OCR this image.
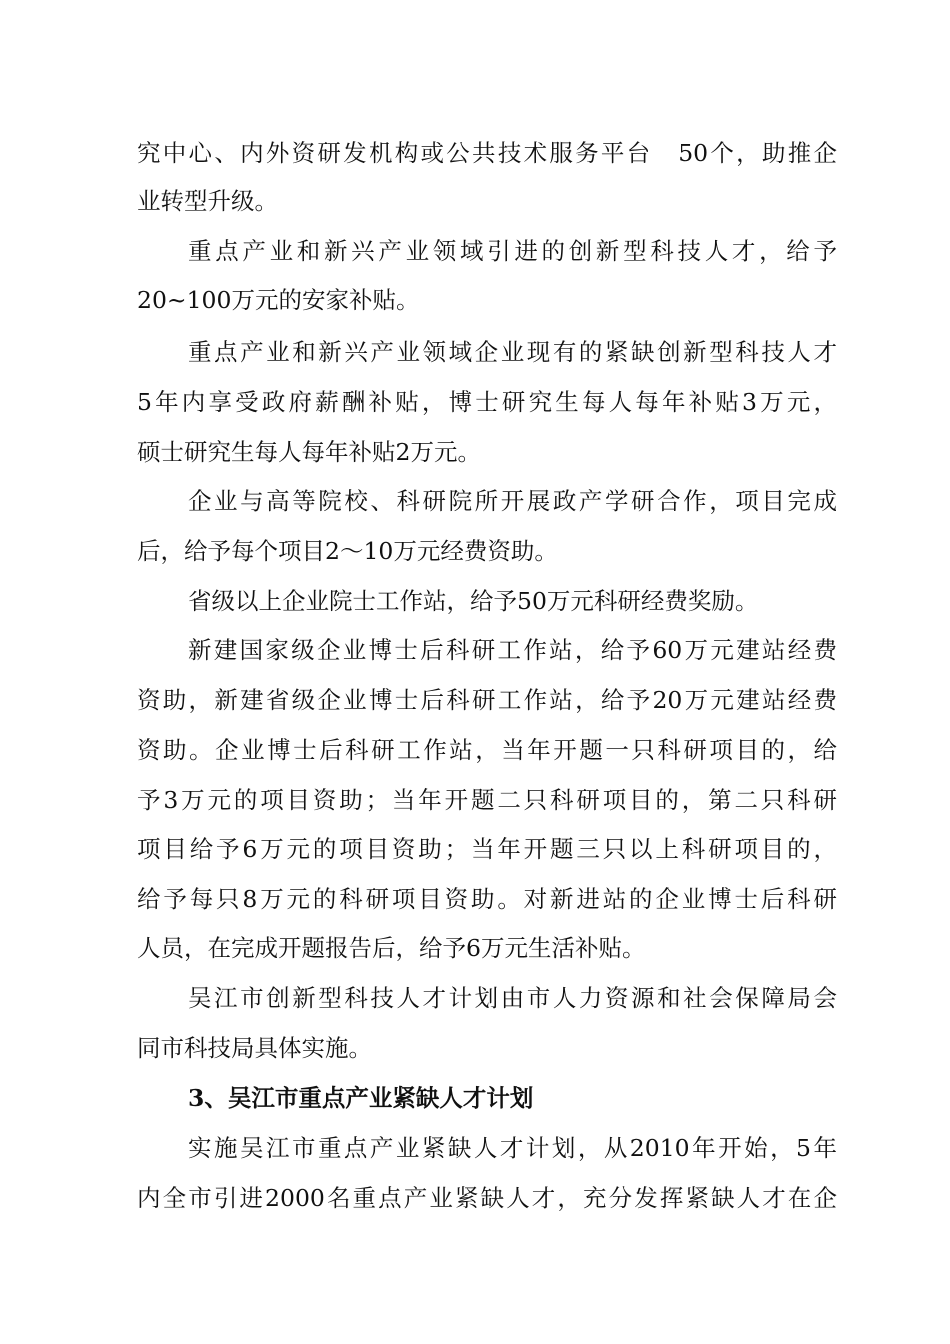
究中心、内外资研发机构或公共技术服务平台　50个，助推企
业转型升级。
重点产业和新兴产业领域引进的创新型科技人才，给予
20~100万元的安家补贴。
重点产业和新兴产业领域企业现有的紧缺创新型科技人才
5年内享受政府薪酬补贴，博士研究生每人每年补贴3万元，
硕士研究生每人每年补贴2万元。
企业与高等院校、科研院所开展政产学研合作，项目完成
后，给予每个项目2～10万元经费资助。
省级以上企业院士工作站，给予50万元科研经费奖励。
新建国家级企业博士后科研工作站，给予60万元建站经费
资助，新建省级企业博士后科研工作站，给予20万元建站经费
资助。企业博士后科研工作站，当年开题一只科研项目的，给
予3万元的项目资助；当年开题二只科研项目的，第二只科研
项目给予6万元的项目资助；当年开题三只以上科研项目的，
给予每只8万元的科研项目资助。对新进站的企业博士后科研
人员，在完成开题报告后，给予6万元生活补贴。
吴江市创新型科技人才计划由市人力资源和社会保障局会
同市科技局具体实施。
3、吴江市重点产业紧缺人才计划
实施吴江市重点产业紧缺人才计划，从2010年开始，5年
内全市引进2000名重点产业紧缺人才，充分发挥紧缺人才在企
